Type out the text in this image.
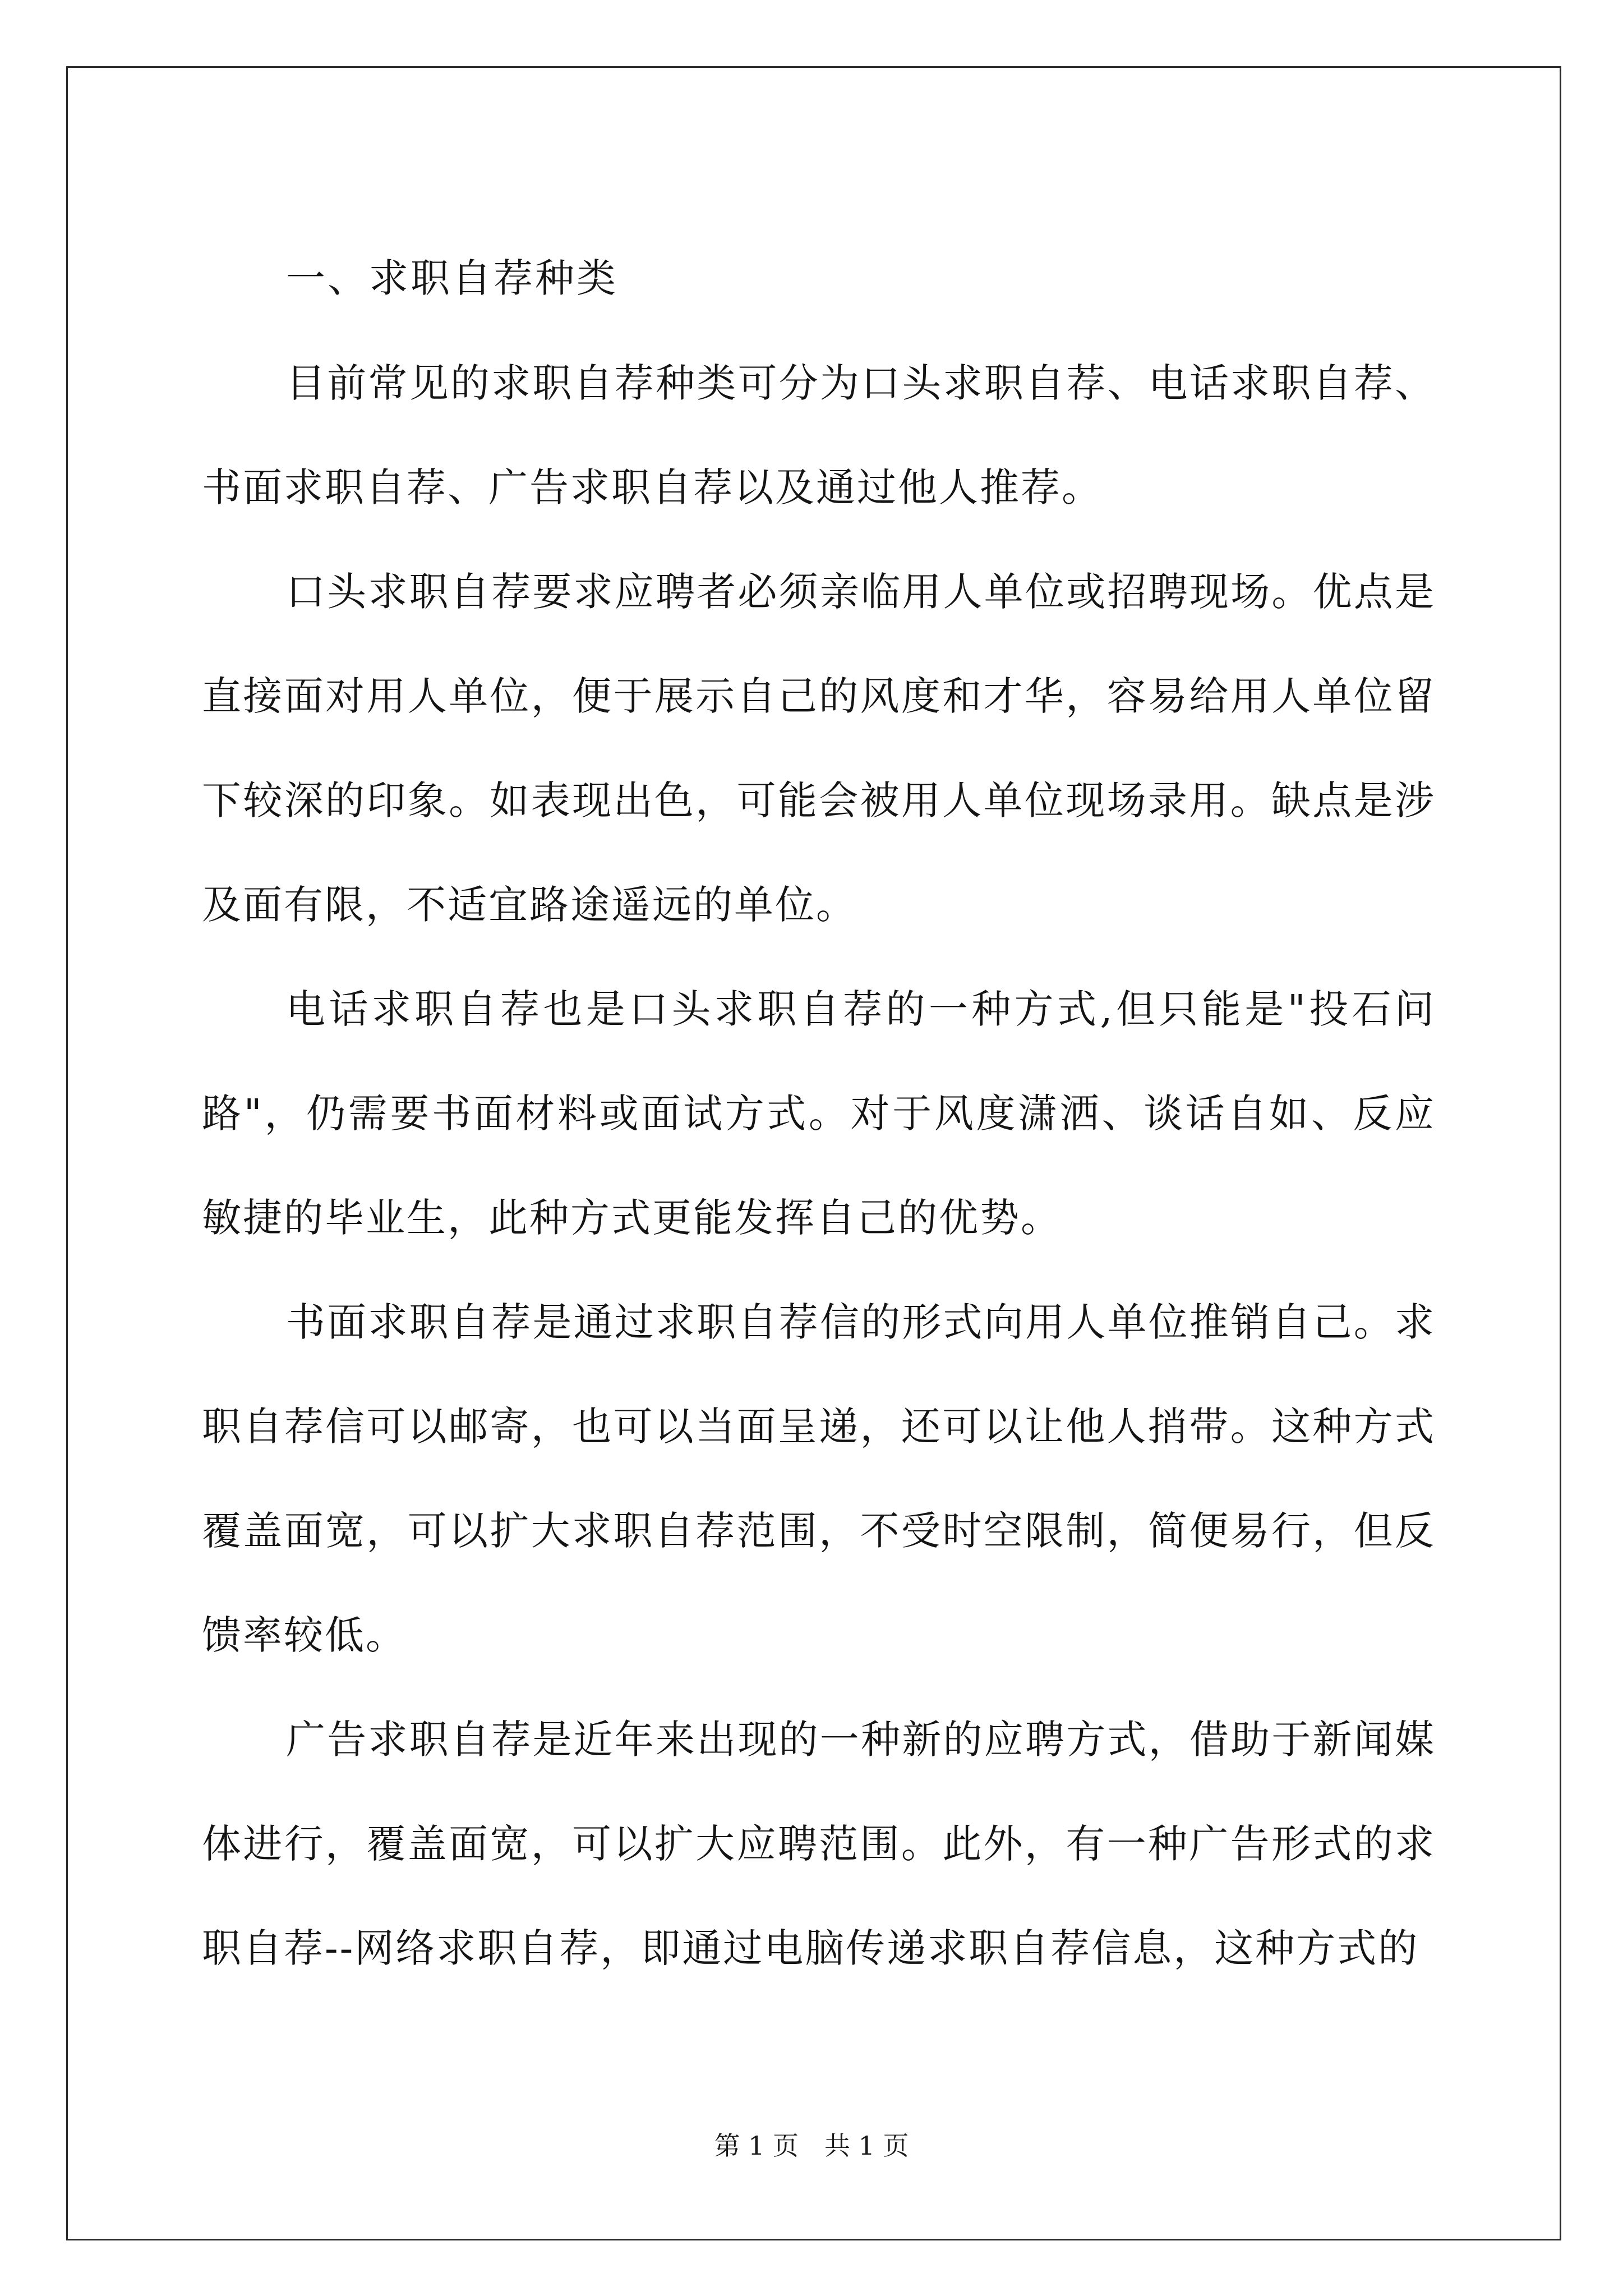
一、求职自荐种类

目前常见的求职自荐种类可分为口头求职自荐、电话求职自荐、书面求职自荐、广告求职自荐以及通过他人推荐。

口头求职自荐要求应聘者必须亲临用人单位或招聘现场。优点是直接面对用人单位，便于展示自己的风度和才华，容易给用人单位留下较深的印象。如表现出色，可能会被用人单位现场录用。缺点是涉及面有限，不适宜路途遥远的单位。

电话求职自荐也是口头求职自荐的一种方式,但只能是"投石问路"，仍需要书面材料或面试方式。对于风度潇洒、谈话自如、反应敏捷的毕业生，此种方式更能发挥自己的优势。

书面求职自荐是通过求职自荐信的形式向用人单位推销自己。求职自荐信可以邮寄，也可以当面呈递，还可以让他人捎带。这种方式覆盖面宽，可以扩大求职自荐范围，不受时空限制，简便易行，但反馈率较低。

广告求职自荐是近年来出现的一种新的应聘方式，借助于新闻媒体进行，覆盖面宽，可以扩大应聘范围。此外，有一种广告形式的求职自荐--网络求职自荐，即通过电脑传递求职自荐信息，这种方式的

第 1 页　共 1 页
